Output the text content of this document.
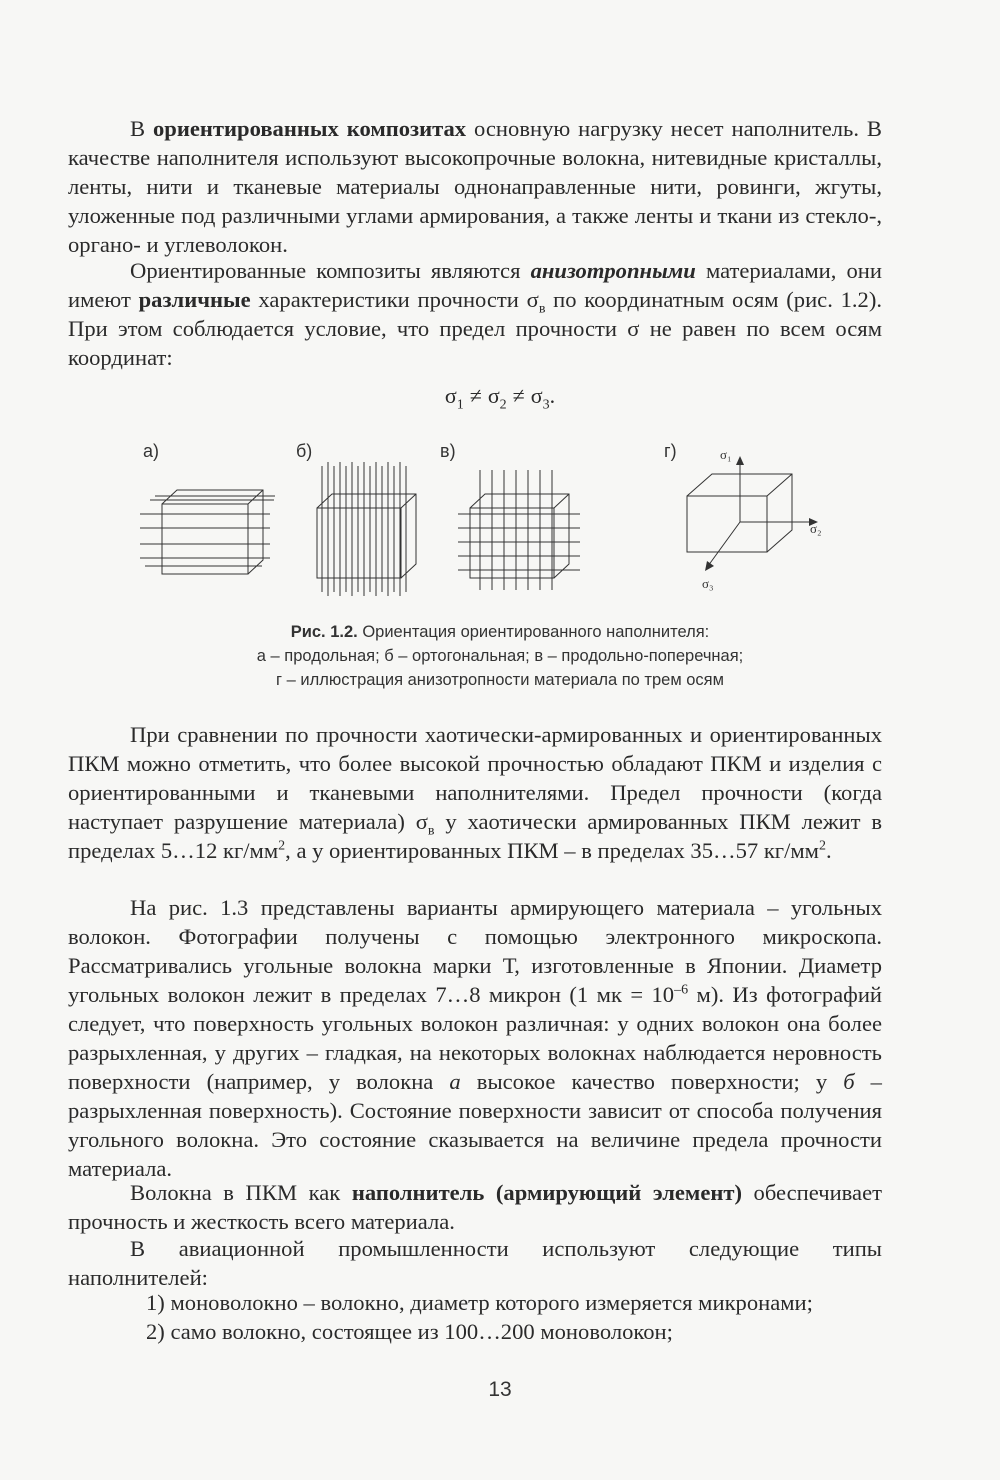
В ориентированных композитах основную нагрузку несет наполнитель. В качестве наполнителя используют высокопрочные волокна, нитевидные кристаллы, ленты, нити и тканевые материалы однонаправленные нити, ровинги, жгуты, уложенные под различными углами армирования, а также ленты и ткани из стекло-, органо- и углеволокон.

Ориентированные композиты являются анизотропными материалами, они имеют различные характеристики прочности $\sigma_в$ по координатным осям (рис. 1.2). При этом соблюдается условие, что предел прочности σ не равен по всем осям координат:

$\sigma_1 \ne \sigma_2 \ne \sigma_3$.
а)	б)	в)	г)	σ₁
σ₂
σ₃
Рис. 1.2. Ориентация ориентированного наполнителя:
а – продольная; б – ортогональная; в – продольно-поперечная;
г – иллюстрация анизотропности материала по трем осям

При сравнении по прочности хаотически-армированных и ориентированных ПКМ можно отметить, что более высокой прочностью обладают ПКМ и изделия с ориентированными и тканевыми наполнителями. Предел прочности (когда наступает разрушение материала) $\sigma_в$ у хаотически армированных ПКМ лежит в пределах 5…12 $кг/мм^2$, а у ориентированных ПКМ – в пределах 35…57 $кг/мм^2$.

На рис. 1.3 представлены варианты армирующего материала – угольных волокон. Фотографии получены с помощью электронного микроскопа. Рассматривались угольные волокна марки Т, изготовленные в Японии. Диаметр угольных волокон лежит в пределах 7…8 микрон (1 мк = $10^{-6}$ м). Из фотографий следует, что поверхность угольных волокон различная: у одних волокон она более разрыхленная, у других – гладкая, на некоторых волокнах наблюдается неровность поверхности (например, у волокна а высокое качество поверхности; у б – разрыхленная поверхность). Состояние поверхности зависит от способа получения угольного волокна. Это состояние сказывается на величине предела прочности материала.

Волокна в ПКМ как наполнитель (армирующий элемент) обеспечивает прочность и жесткость всего материала.

В авиационной промышленности используют следующие типы наполнителей:

1) моноволокно – волокно, диаметр которого измеряется микронами;
2) само волокно, состоящее из 100…200 моноволокон;
13
